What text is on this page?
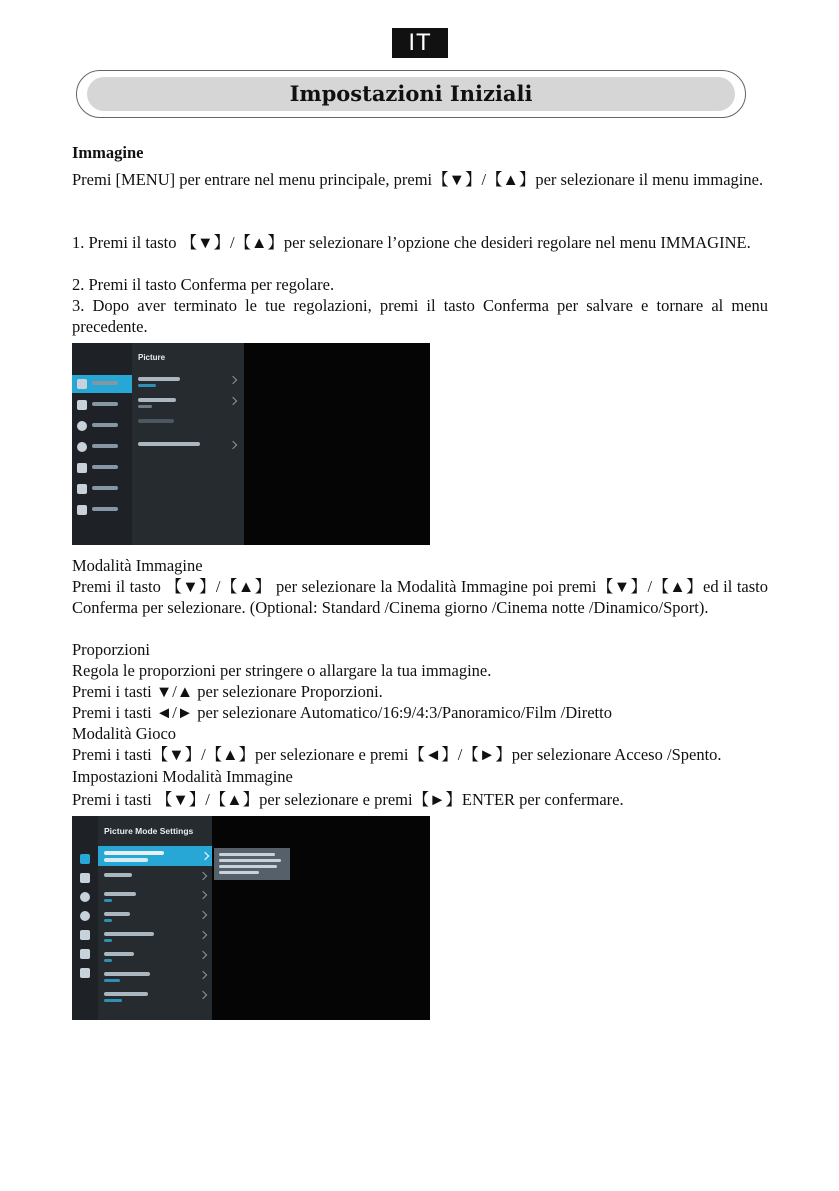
IT
Impostazioni Iniziali
Immagine
Premi [MENU] per entrare nel menu principale, premi【▼】/【▲】per selezionare il menu immagine.
1. Premi il tasto 【▼】/【▲】per selezionare l’opzione che desideri regolare nel menu IMMAGINE.
2. Premi il tasto Conferma per regolare.
3. Dopo aver terminato le tue regolazioni, premi il tasto Conferma per salvare e tornare al menu precedente.
Picture
Modalità Immagine
Premi il tasto 【▼】/【▲】 per selezionare la Modalità Immagine poi premi【▼】/【▲】ed il tasto Conferma per selezionare. (Optional: Standard /Cinema giorno /Cinema notte /Dinamico/Sport).
Proporzioni
Regola le proporzioni per stringere o allargare la tua immagine.
Premi i tasti ▼/▲ per selezionare Proporzioni.
Premi i tasti ◄/► per selezionare Automatico/16:9/4:3/Panoramico/Film /Diretto
Modalità Gioco
Premi i tasti【▼】/【▲】per selezionare e premi【◄】/【►】per selezionare Acceso /Spento.
Impostazioni Modalità Immagine
Premi i tasti 【▼】/【▲】per selezionare e premi【►】ENTER per confermare.
Picture Mode Settings
